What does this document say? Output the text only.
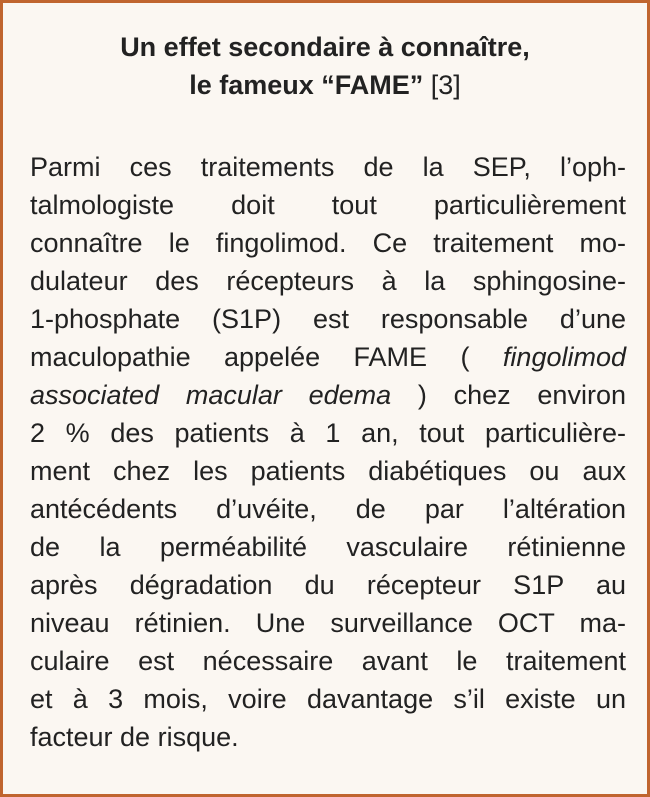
Un effet secondaire à connaître,
le fameux “FAME” [3]
Parmi ces traitements de la SEP, l’oph-
talmologiste doit tout particulièrement
connaître le fingolimod. Ce traitement mo-
dulateur des récepteurs à la sphingosine-
1-phosphate (S1P) est responsable d’une
maculopathie appelée FAME ( fingolimod
associated macular edema ) chez environ
2 % des patients à 1 an, tout particulière-
ment chez les patients diabétiques ou aux
antécédents d’uvéite, de par l’altération
de la perméabilité vasculaire rétinienne
après dégradation du récepteur S1P au
niveau rétinien. Une surveillance OCT ma-
culaire est nécessaire avant le traitement
et à 3 mois, voire davantage s’il existe un
facteur de risque.
